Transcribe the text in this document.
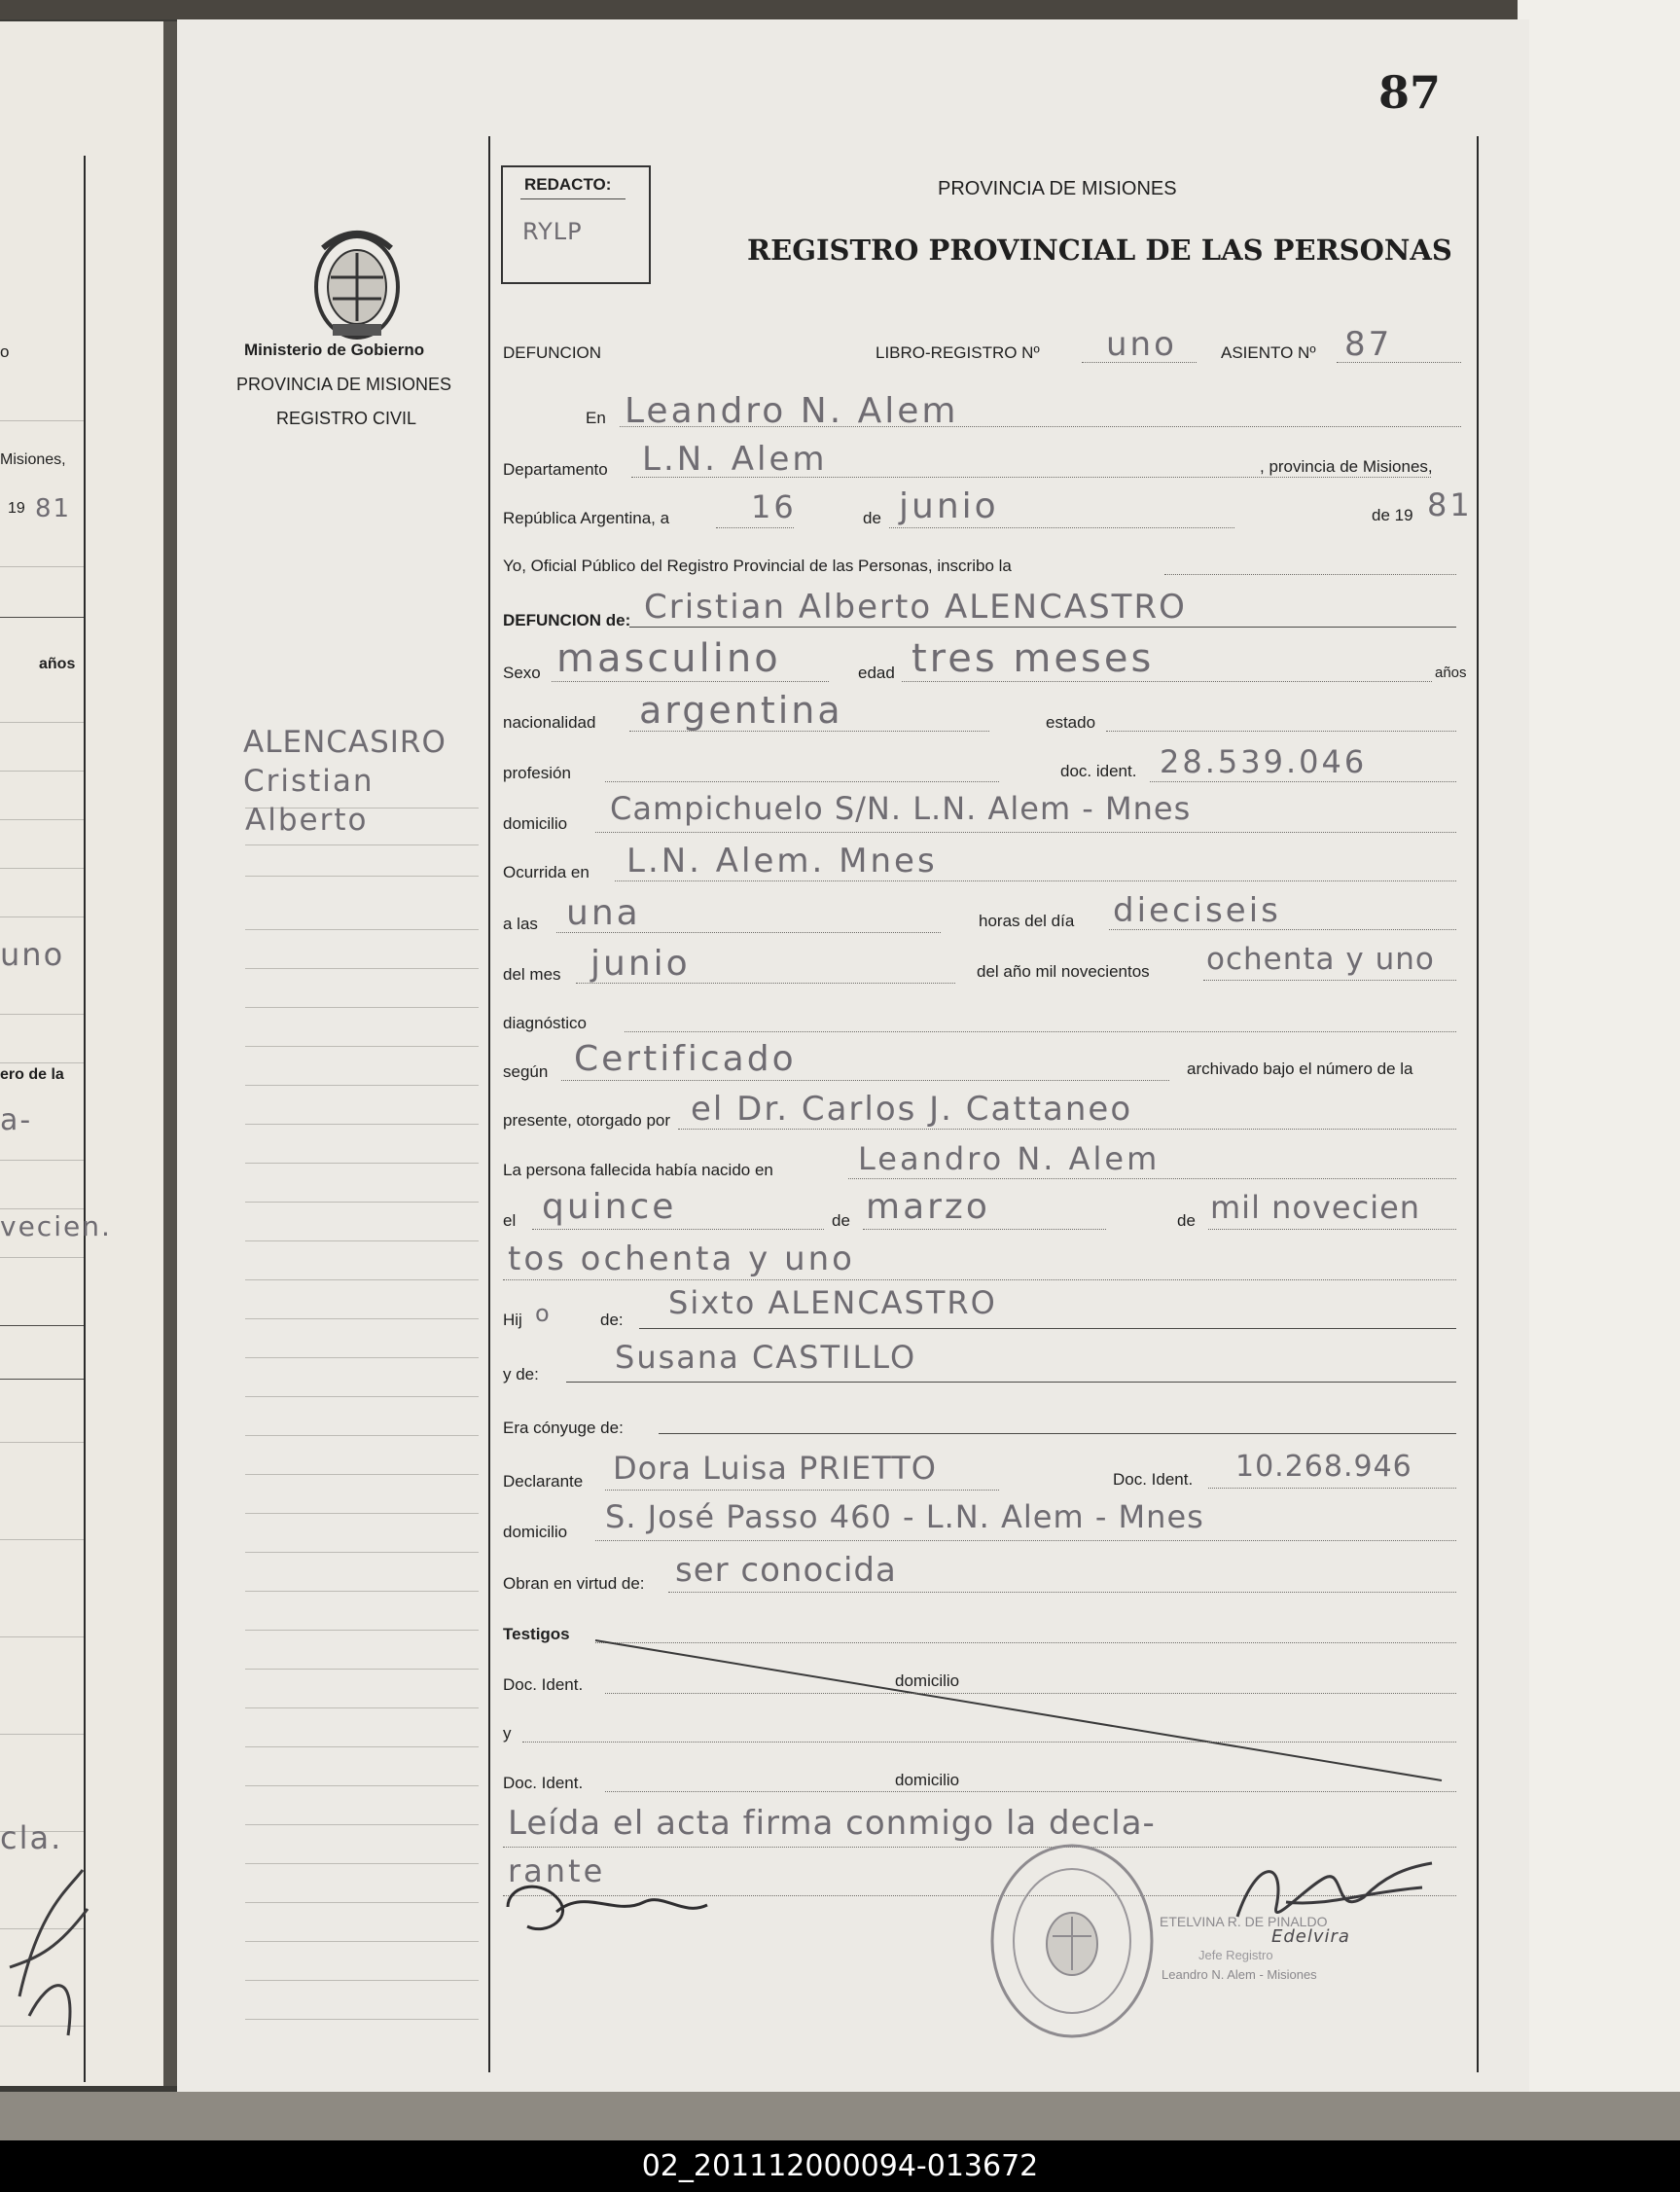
o
Misiones,
19 81
años
uno
ero de la
a-
vecien.
cla.
87
REDACTO:
RYLP
PROVINCIA DE MISIONES
REGISTRO PROVINCIAL DE LAS PERSONAS
Ministerio de Gobierno
PROVINCIA DE MISIONES
REGISTRO CIVIL
ALENCASIRO
Cristian
Alberto
DEFUNCION	LIBRO-REGISTRO Nº uno	ASIENTO Nº 87
En Leandro N. Alem
Departamento L.N. Alem	, provincia de Misiones,
República Argentina, a	16	de junio	de 19 81
Yo, Oficial Público del Registro Provincial de las Personas, inscribo la
DEFUNCION de: Cristian Alberto ALENCASTRO
Sexo masculino	edad tres meses	años
nacionalidad argentina	estado
profesión	doc. ident. 28.539.046
domicilio Campichuelo S/N. L.N. Alem - Mnes
Ocurrida en L.N. Alem. Mnes
a las una	horas del día dieciseis
del mes junio	del año mil novecientos ochenta y uno
diagnóstico
según Certificado	archivado bajo el número de la
presente, otorgado por el Dr. Carlos J. Cattaneo
La persona fallecida había nacido en	Leandro N. Alem
el quince	de marzo	de mil novecien
tos ochenta y uno
Hij o	de: Sixto ALENCASTRO
y de: Susana CASTILLO
Era cónyuge de:
Declarante Dora Luisa PRIETTO	Doc. Ident. 10.268.946
domicilio S. José Passo 460 - L.N. Alem - Mnes
Obran en virtud de: ser conocida
Testigos
Doc. Ident.	domicilio
y
Doc. Ident.	domicilio
Leída el acta firma conmigo la decla-
rante
Edelvira
ETELVINA R. DE PINALDO
Jefe Registro
Leandro N. Alem - Misiones
02_201112000094-013672
